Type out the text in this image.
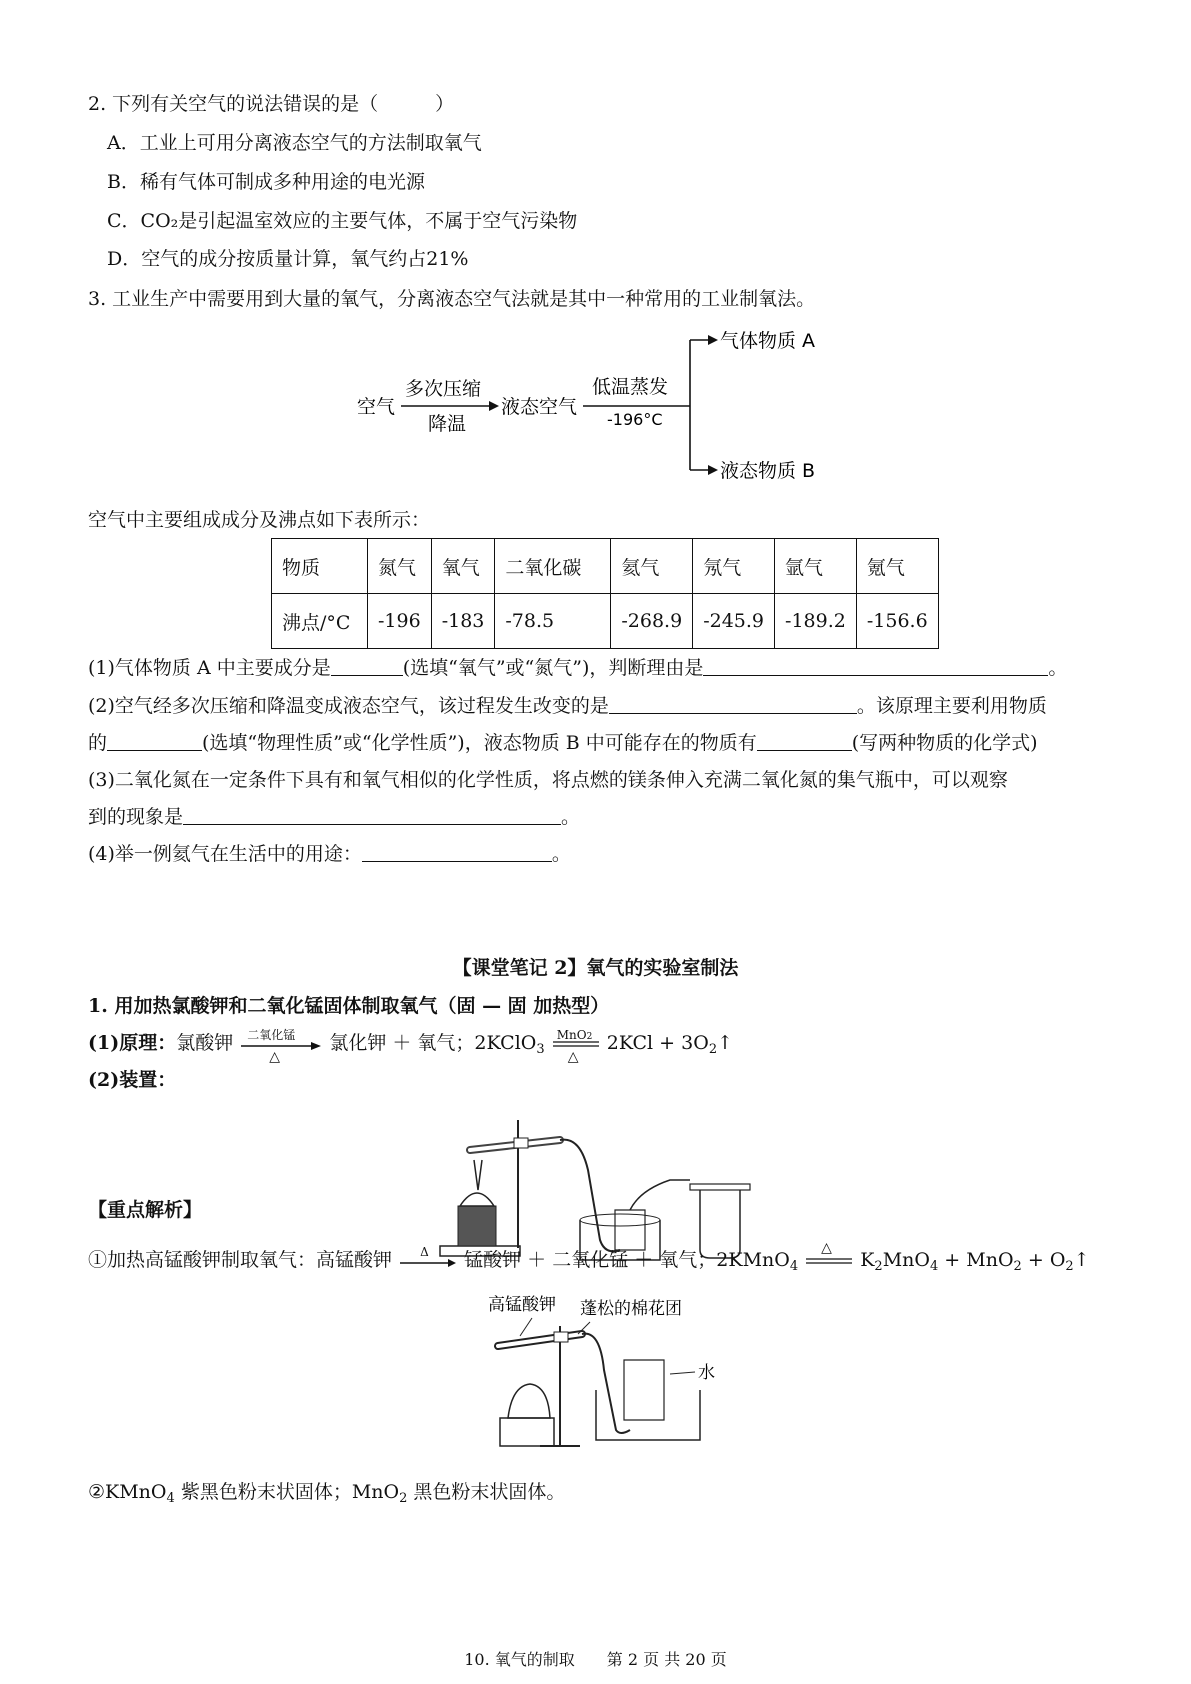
2. 下列有关空气的说法错误的是（　　　）
A．工业上可用分离液态空气的方法制取氧气
B．稀有气体可制成多种用途的电光源
C．CO₂是引起温室效应的主要气体，不属于空气污染物
D．空气的成分按质量计算，氧气约占21%
3. 工业生产中需要用到大量的氧气，分离液态空气法就是其中一种常用的工业制氧法。
空气
多次压缩
降温
液态空气
低温蒸发
-196°C
气体物质 A
液态物质 B
空气中主要组成成分及沸点如下表所示：
物质	氮气	氧气	二氧化碳	氦气	氖气	氩气	氪气
沸点/°C	-196	-183	-78.5	-268.9	-245.9	-189.2	-156.6
(1)气体物质 A 中主要成分是	(选填“氧气”或“氮气”)，判断理由是	。
(2)空气经多次压缩和降温变成液态空气，该过程发生改变的是	。该原理主要利用物质
的	(选填“物理性质”或“化学性质”)，液态物质 B 中可能存在的物质有	(写两种物质的化学式)
(3)二氧化氮在一定条件下具有和氧气相似的化学性质，将点燃的镁条伸入充满二氧化氮的集气瓶中，可以观察
到的现象是	。
(4)举一例氦气在生活中的用途：	。
【课堂笔记 2】氧气的实验室制法
1. 用加热氯酸钾和二氧化锰固体制取氧气（固 — 固 加热型）
(1)原理：氯酸钾 二氧化锰
△
氯化钾 ＋ 氧气；2KClO$_3$
MnO2
△
$2KCl + 3O_2↑$
(2)装置：
【重点解析】
①加热高锰酸钾制取氧气：高锰酸钾 Δ 锰酸钾 ＋ 二氧化锰 ＋ 氧气；2KMnO$_4$
△
$K_2MnO_4 + MnO_2$ + $O_2↑$
高锰酸钾 蓬松的棉花团
水
②KMnO$_4$ 紫黑色粉末状固体；MnO$_2$ 黑色粉末状固体。
10. 氧气的制取　　第 2 页 共 20 页
